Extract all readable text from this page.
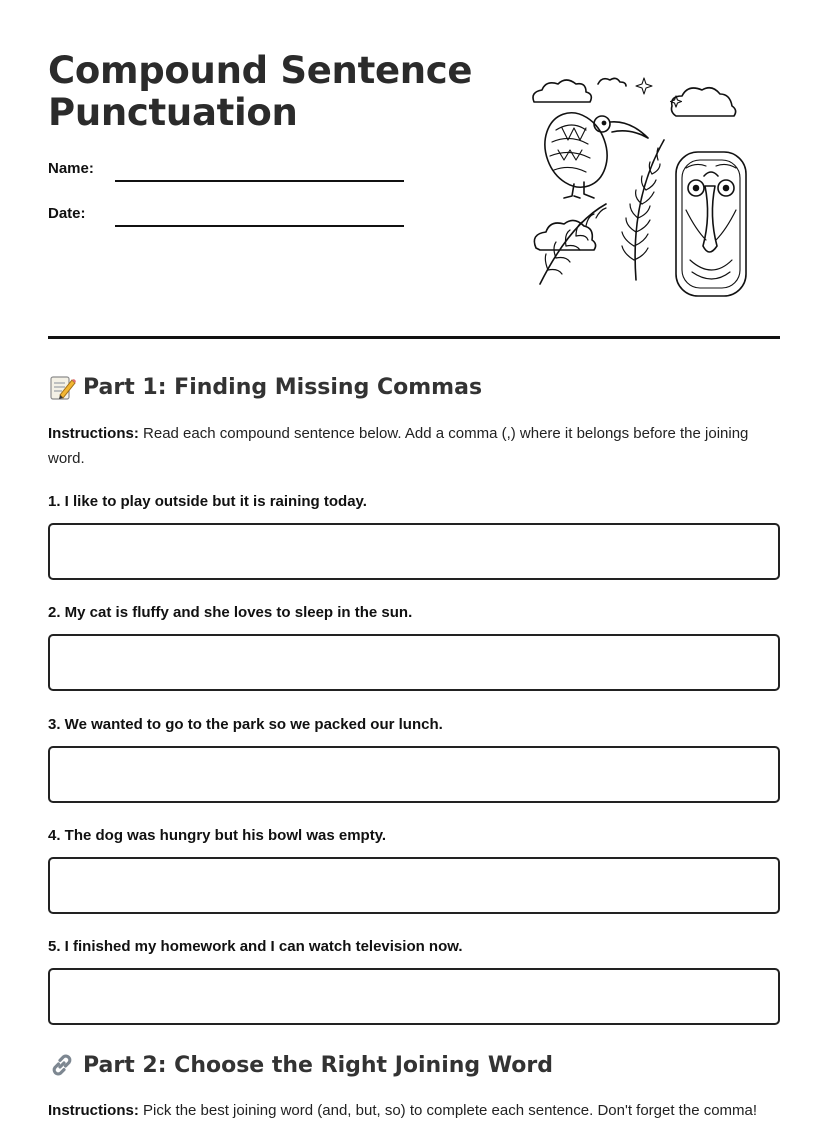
Compound Sentence Punctuation
Name:
Date:
Part 1: Finding Missing Commas

Instructions: Read each compound sentence below. Add a comma (,) where it belongs before the joining word.

1. I like to play outside but it is raining today.

2. My cat is fluffy and she loves to sleep in the sun.

3. We wanted to go to the park so we packed our lunch.

4. The dog was hungry but his bowl was empty.

5. I finished my homework and I can watch television now.

Part 2: Choose the Right Joining Word

Instructions: Pick the best joining word (and, but, so) to complete each sentence. Don't forget the comma!
